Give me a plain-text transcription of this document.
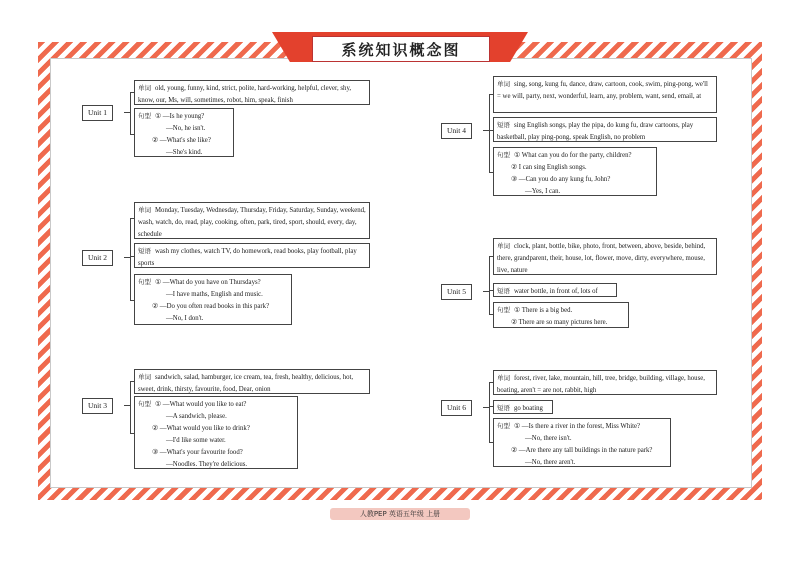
系统知识概念图
Unit 1
单词 old, young, funny, kind, strict, polite, hard-working, helpful, clever, shy, know, our, Ms, will, sometimes, robot, him, speak, finish

句型 ① —Is he young?

—No, he isn't.

② —What's she like?

—She's kind.

Unit 2
单词 Monday, Tuesday, Wednesday, Thursday, Friday, Saturday, Sunday, weekend, wash, watch, do, read, play, cooking, often, park, tired, sport, should, every, day, schedule
短语 wash my clothes, watch TV, do homework, read books, play football, play sports

句型 ① —What do you have on Thursdays?

—I have maths, English and music.

② —Do you often read books in this park?

—No, I don't.

Unit 3
单词 sandwich, salad, hamburger, ice cream, tea, fresh, healthy, delicious, hot, sweet, drink, thirsty, favourite, food, Dear, onion

句型 ① —What would you like to eat?

—A sandwich, please.

② —What would you like to drink?

—I'd like some water.

③ —What's your favourite food?

—Noodles. They're delicious.

Unit 4
单词 sing, song, kung fu, dance, draw, cartoon, cook, swim, ping-pong, we'll = we will, party, next, wonderful, learn, any, problem, want, send, email, at
短语 sing English songs, play the pipa, do kung fu, draw cartoons, play basketball, play ping-pong, speak English, no problem

句型 ① What can you do for the party, children?

② I can sing English songs.

③ —Can you do any kung fu, John?

—Yes, I can.

Unit 5
单词 clock, plant, bottle, bike, photo, front, between, above, beside, behind, there, grandparent, their, house, lot, flower, move, dirty, everywhere, mouse, live, nature
短语 water bottle, in front of, lots of

句型 ① There is a big bed.

② There are so many pictures here.

Unit 6
单词 forest, river, lake, mountain, hill, tree, bridge, building, village, house, boating, aren't = are not, rabbit, high
短语 go boating

句型 ① —Is there a river in the forest, Miss White?

—No, there isn't.

② —Are there any tall buildings in the nature park?

—No, there aren't.

人教PEP 英语五年级 上册
